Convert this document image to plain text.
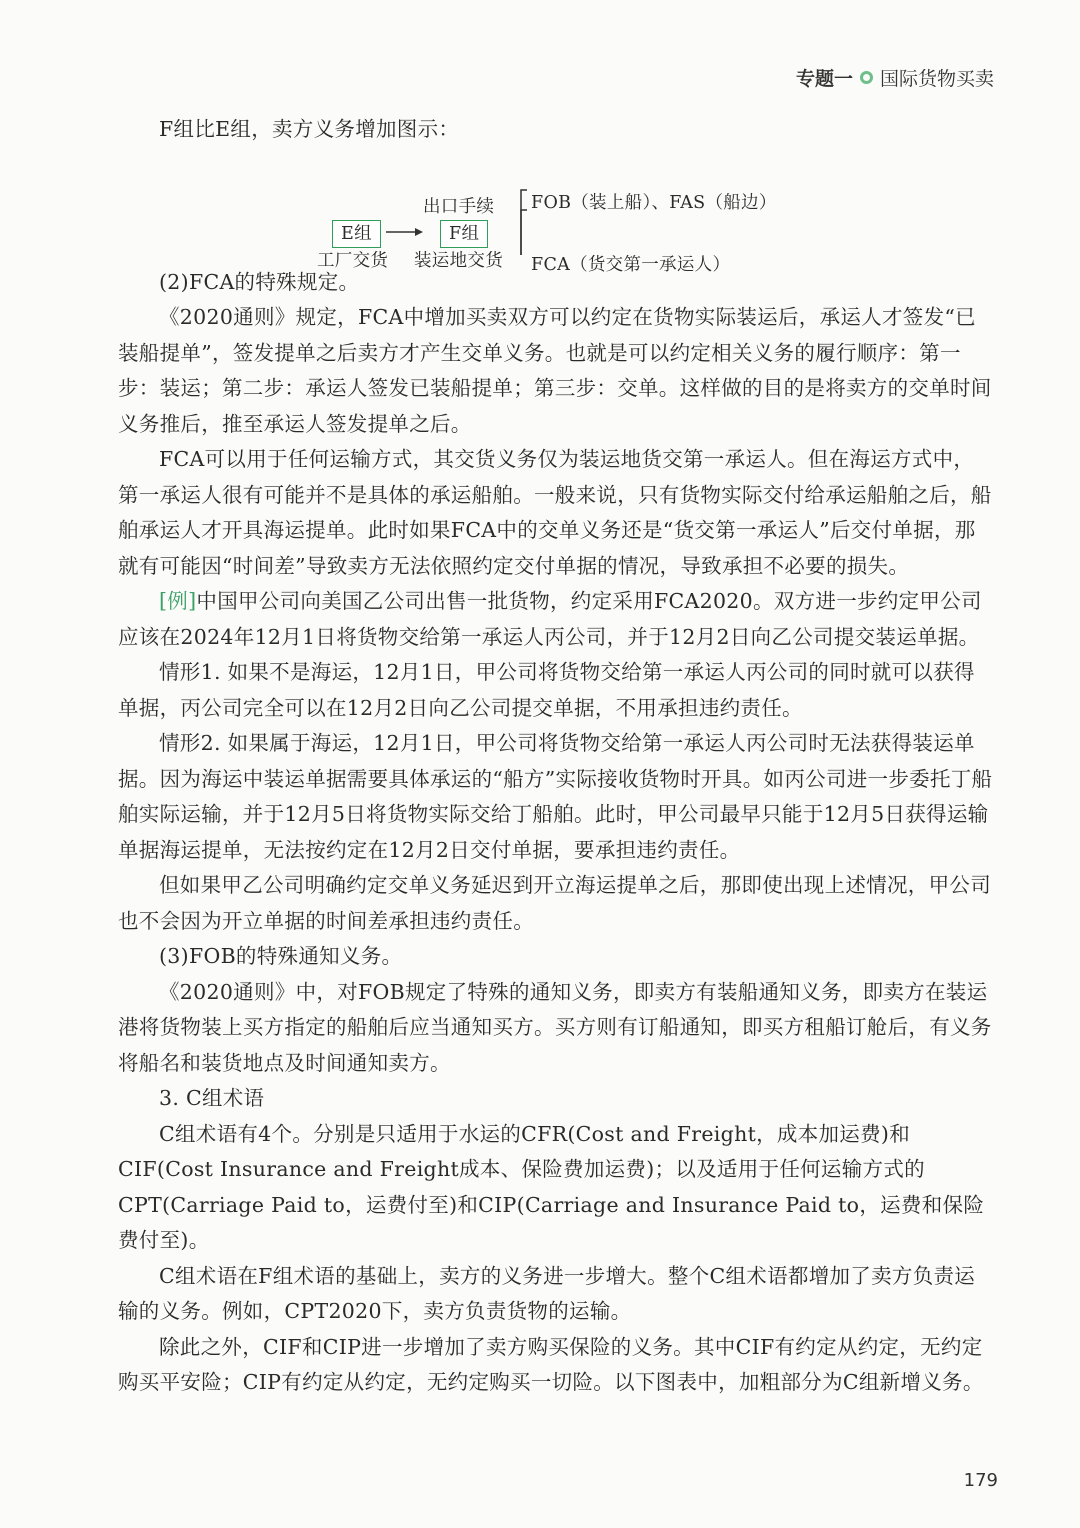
专题一 国际货物买卖

F组比E组，卖方义务增加图示：

出口手续
E组	F组
工厂交货 装运地交货
FOB（装上船）、FAS（船边）
FCA（货交第一承运人）

(2)FCA的特殊规定。

《2020通则》规定，FCA中增加买卖双方可以约定在货物实际装运后，承运人才签发“已装船提单”，签发提单之后卖方才产生交单义务。也就是可以约定相关义务的履行顺序：第一步：装运；第二步：承运人签发已装船提单；第三步：交单。这样做的目的是将卖方的交单时间义务推后，推至承运人签发提单之后。

FCA可以用于任何运输方式，其交货义务仅为装运地货交第一承运人。但在海运方式中，第一承运人很有可能并不是具体的承运船舶。一般来说，只有货物实际交付给承运船舶之后，船舶承运人才开具海运提单。此时如果FCA中的交单义务还是“货交第一承运人”后交付单据，那就有可能因“时间差”导致卖方无法依照约定交付单据的情况，导致承担不必要的损失。

[例]中国甲公司向美国乙公司出售一批货物，约定采用FCA2020。双方进一步约定甲公司应该在2024年12月1日将货物交给第一承运人丙公司，并于12月2日向乙公司提交装运单据。

情形1. 如果不是海运，12月1日，甲公司将货物交给第一承运人丙公司的同时就可以获得单据，丙公司完全可以在12月2日向乙公司提交单据，不用承担违约责任。

情形2. 如果属于海运，12月1日，甲公司将货物交给第一承运人丙公司时无法获得装运单据。因为海运中装运单据需要具体承运的“船方”实际接收货物时开具。如丙公司进一步委托丁船舶实际运输，并于12月5日将货物实际交给丁船舶。此时，甲公司最早只能于12月5日获得运输单据海运提单，无法按约定在12月2日交付单据，要承担违约责任。

但如果甲乙公司明确约定交单义务延迟到开立海运提单之后，那即使出现上述情况，甲公司也不会因为开立单据的时间差承担违约责任。

(3)FOB的特殊通知义务。

《2020通则》中，对FOB规定了特殊的通知义务，即卖方有装船通知义务，即卖方在装运港将货物装上买方指定的船舶后应当通知买方。买方则有订船通知，即买方租船订舱后，有义务将船名和装货地点及时间通知卖方。

3. C组术语

C组术语有4个。分别是只适用于水运的CFR(Cost and Freight，成本加运费)和CIF(Cost Insurance and Freight成本、保险费加运费)；以及适用于任何运输方式的CPT(Carriage Paid to，运费付至)和CIP(Carriage and Insurance Paid to，运费和保险费付至)。

C组术语在F组术语的基础上，卖方的义务进一步增大。整个C组术语都增加了卖方负责运输的义务。例如，CPT2020下，卖方负责货物的运输。

除此之外，CIF和CIP进一步增加了卖方购买保险的义务。其中CIF有约定从约定，无约定购买平安险；CIP有约定从约定，无约定购买一切险。以下图表中，加粗部分为C组新增义务。

179
